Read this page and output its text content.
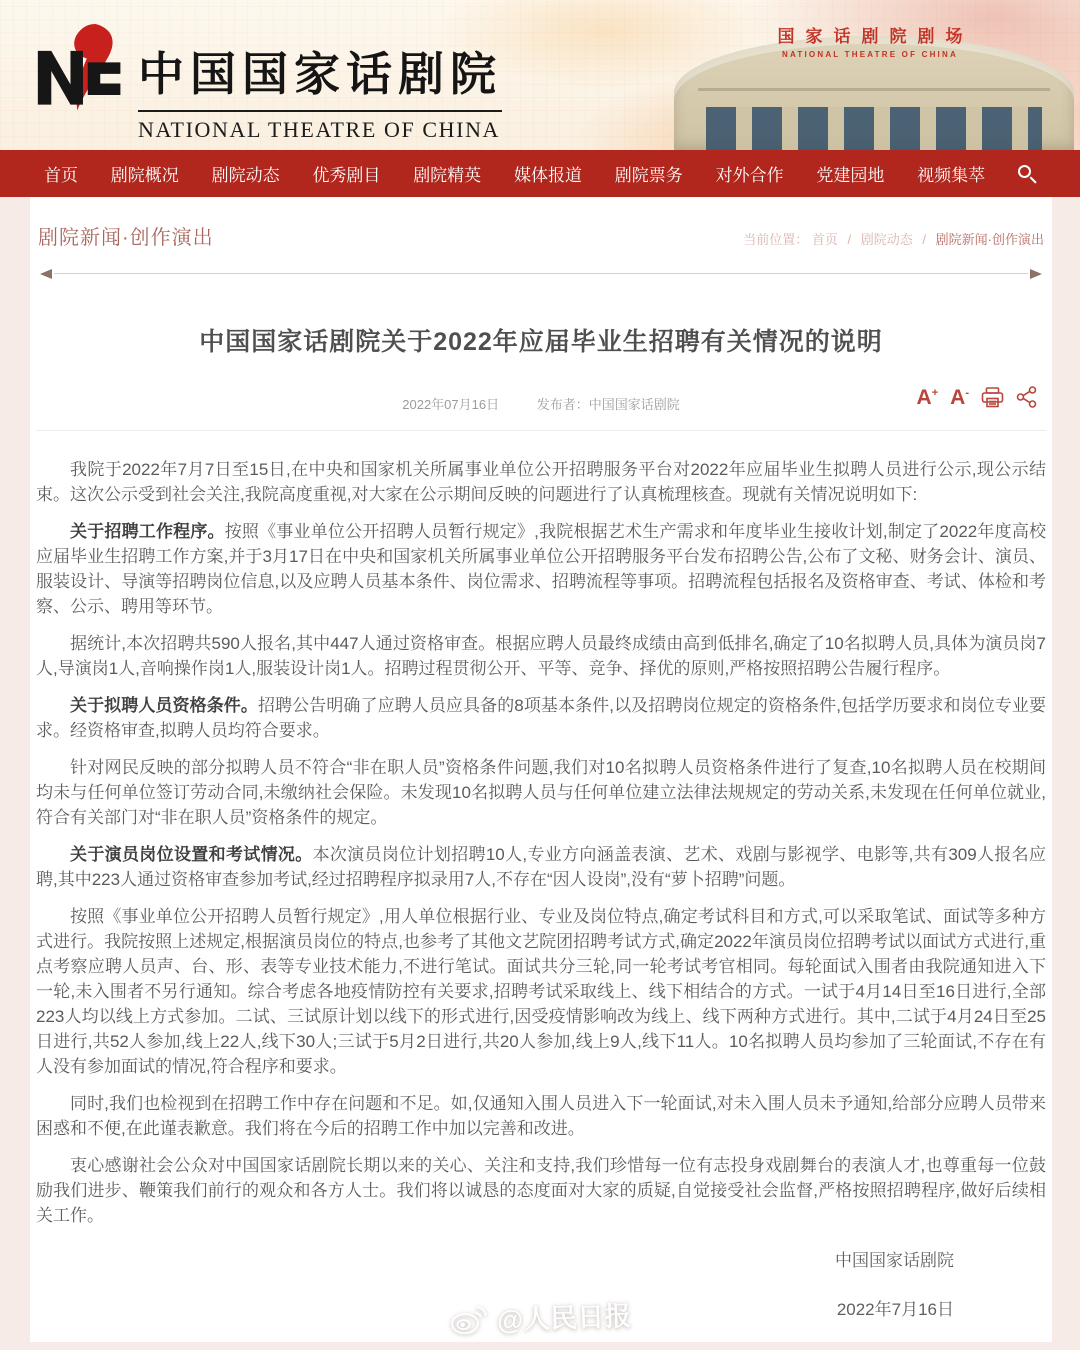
中国国家话剧院
NATIONAL THEATRE OF CHINA
国家话剧院剧场
NATIONAL THEATRE OF CHINA
首页 剧院概况 剧院动态 优秀剧目 剧院精英 媒体报道 剧院票务 对外合作 党建园地 视频集萃
剧院新闻·创作演出	当前位置： 首页 / 剧院动态 / 剧院新闻·创作演出
中国国家话剧院关于2022年应届毕业生招聘有关情况的说明
2022年07月16日	发布者：中国国家话剧院	A+ A-

我院于2022年7月7日至15日,在中央和国家机关所属事业单位公开招聘服务平台对2022年应届毕业生拟聘人员进行公示,现公示结束。这次公示受到社会关注,我院高度重视,对大家在公示期间反映的问题进行了认真梳理核查。现就有关情况说明如下:

关于招聘工作程序。按照《事业单位公开招聘人员暂行规定》,我院根据艺术生产需求和年度毕业生接收计划,制定了2022年度高校应届毕业生招聘工作方案,并于3月17日在中央和国家机关所属事业单位公开招聘服务平台发布招聘公告,公布了文秘、财务会计、演员、服装设计、导演等招聘岗位信息,以及应聘人员基本条件、岗位需求、招聘流程等事项。招聘流程包括报名及资格审查、考试、体检和考察、公示、聘用等环节。

据统计,本次招聘共590人报名,其中447人通过资格审查。根据应聘人员最终成绩由高到低排名,确定了10名拟聘人员,具体为演员岗7人,导演岗1人,音响操作岗1人,服装设计岗1人。招聘过程贯彻公开、平等、竞争、择优的原则,严格按照招聘公告履行程序。

关于拟聘人员资格条件。招聘公告明确了应聘人员应具备的8项基本条件,以及招聘岗位规定的资格条件,包括学历要求和岗位专业要求。经资格审查,拟聘人员均符合要求。

针对网民反映的部分拟聘人员不符合“非在职人员”资格条件问题,我们对10名拟聘人员资格条件进行了复查,10名拟聘人员在校期间均未与任何单位签订劳动合同,未缴纳社会保险。未发现10名拟聘人员与任何单位建立法律法规规定的劳动关系,未发现在任何单位就业,符合有关部门对“非在职人员”资格条件的规定。

关于演员岗位设置和考试情况。本次演员岗位计划招聘10人,专业方向涵盖表演、艺术、戏剧与影视学、电影等,共有309人报名应聘,其中223人通过资格审查参加考试,经过招聘程序拟录用7人,不存在“因人设岗”,没有“萝卜招聘”问题。

按照《事业单位公开招聘人员暂行规定》,用人单位根据行业、专业及岗位特点,确定考试科目和方式,可以采取笔试、面试等多种方式进行。我院按照上述规定,根据演员岗位的特点,也参考了其他文艺院团招聘考试方式,确定2022年演员岗位招聘考试以面试方式进行,重点考察应聘人员声、台、形、表等专业技术能力,不进行笔试。面试共分三轮,同一轮考试考官相同。每轮面试入围者由我院通知进入下一轮,未入围者不另行通知。综合考虑各地疫情防控有关要求,招聘考试采取线上、线下相结合的方式。一试于4月14日至16日进行,全部223人均以线上方式参加。二试、三试原计划以线下的形式进行,因受疫情影响改为线上、线下两种方式进行。其中,二试于4月24日至25日进行,共52人参加,线上22人,线下30人;三试于5月2日进行,共20人参加,线上9人,线下11人。10名拟聘人员均参加了三轮面试,不存在有人没有参加面试的情况,符合程序和要求。

同时,我们也检视到在招聘工作中存在问题和不足。如,仅通知入围人员进入下一轮面试,对未入围人员未予通知,给部分应聘人员带来困惑和不便,在此谨表歉意。我们将在今后的招聘工作中加以完善和改进。

衷心感谢社会公众对中国国家话剧院长期以来的关心、关注和支持,我们珍惜每一位有志投身戏剧舞台的表演人才,也尊重每一位鼓励我们进步、鞭策我们前行的观众和各方人士。我们将以诚恳的态度面对大家的质疑,自觉接受社会监督,严格按照招聘程序,做好后续相关工作。

中国国家话剧院
2022年7月16日
@人民日报
